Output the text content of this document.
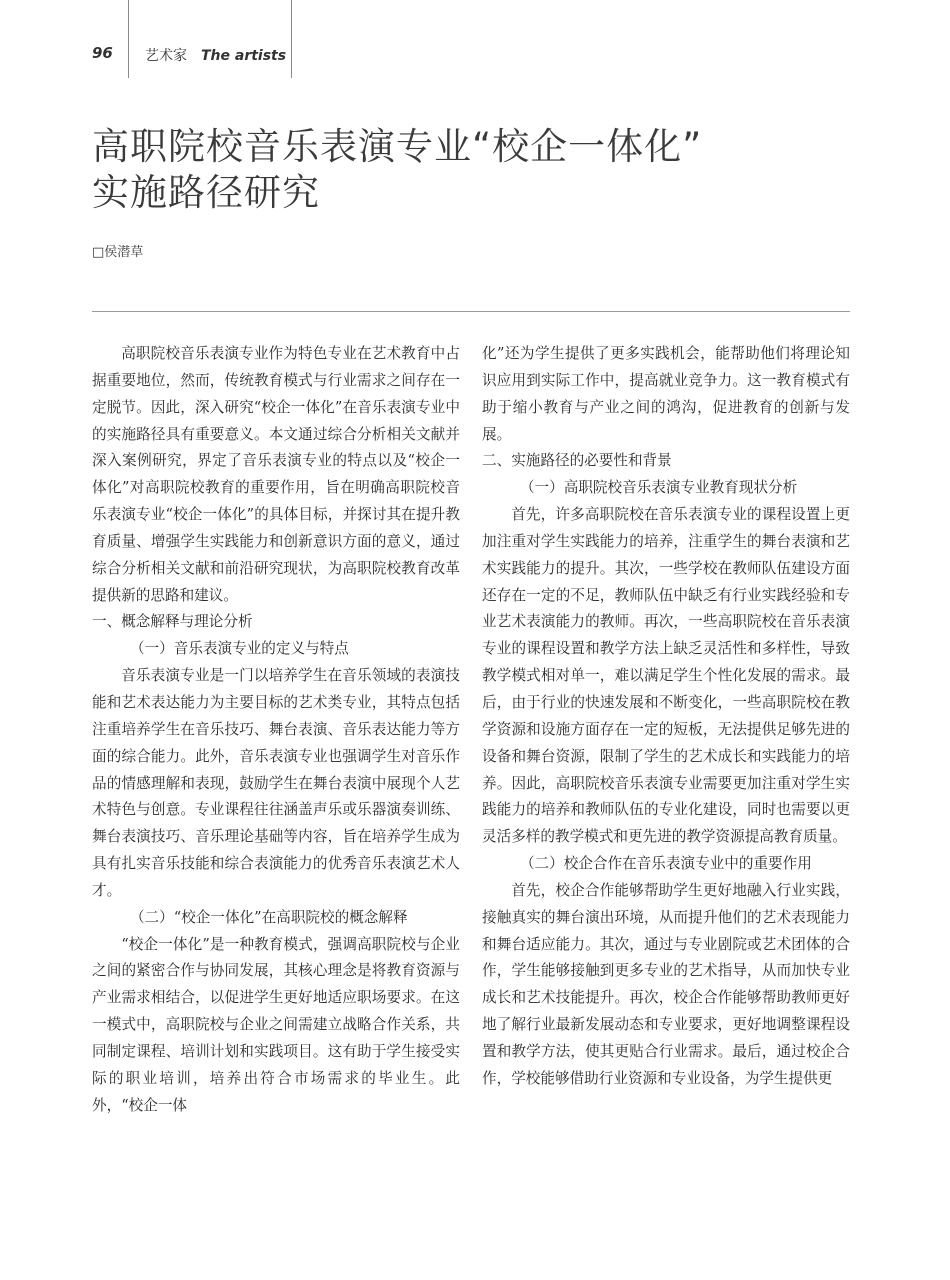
96 艺术家 The artists
高职院校音乐表演专业“校企一体化”
实施路径研究
□侯潜草

高职院校音乐表演专业作为特色专业在艺术教育中占据重要地位，然而，传统教育模式与行业需求之间存在一定脱节。因此，深入研究“校企一体化”在音乐表演专业中的实施路径具有重要意义。本文通过综合分析相关文献并深入案例研究，界定了音乐表演专业的特点以及“校企一体化”对高职院校教育的重要作用，旨在明确高职院校音乐表演专业“校企一体化”的具体目标，并探讨其在提升教育质量、增强学生实践能力和创新意识方面的意义，通过综合分析相关文献和前沿研究现状，为高职院校教育改革提供新的思路和建议。

一、概念解释与理论分析

（一）音乐表演专业的定义与特点

音乐表演专业是一门以培养学生在音乐领域的表演技能和艺术表达能力为主要目标的艺术类专业，其特点包括注重培养学生在音乐技巧、舞台表演、音乐表达能力等方面的综合能力。此外，音乐表演专业也强调学生对音乐作品的情感理解和表现，鼓励学生在舞台表演中展现个人艺术特色与创意。专业课程往往涵盖声乐或乐器演奏训练、舞台表演技巧、音乐理论基础等内容，旨在培养学生成为具有扎实音乐技能和综合表演能力的优秀音乐表演艺术人才。

（二）“校企一体化”在高职院校的概念解释

“校企一体化”是一种教育模式，强调高职院校与企业之间的紧密合作与协同发展，其核心理念是将教育资源与产业需求相结合，以促进学生更好地适应职场要求。在这一模式中，高职院校与企业之间需建立战略合作关系，共同制定课程、培训计划和实践项目。这有助于学生接受实际的职业培训，培养出符合市场需求的毕业生。此外，“校企一体

化”还为学生提供了更多实践机会，能帮助他们将理论知识应用到实际工作中，提高就业竞争力。这一教育模式有助于缩小教育与产业之间的鸿沟，促进教育的创新与发展。

二、实施路径的必要性和背景

（一）高职院校音乐表演专业教育现状分析

首先，许多高职院校在音乐表演专业的课程设置上更加注重对学生实践能力的培养，注重学生的舞台表演和艺术实践能力的提升。其次，一些学校在教师队伍建设方面还存在一定的不足，教师队伍中缺乏有行业实践经验和专业艺术表演能力的教师。再次，一些高职院校在音乐表演专业的课程设置和教学方法上缺乏灵活性和多样性，导致教学模式相对单一，难以满足学生个性化发展的需求。最后，由于行业的快速发展和不断变化，一些高职院校在教学资源和设施方面存在一定的短板，无法提供足够先进的设备和舞台资源，限制了学生的艺术成长和实践能力的培养。因此，高职院校音乐表演专业需要更加注重对学生实践能力的培养和教师队伍的专业化建设，同时也需要以更灵活多样的教学模式和更先进的教学资源提高教育质量。

（二）校企合作在音乐表演专业中的重要作用

首先，校企合作能够帮助学生更好地融入行业实践，接触真实的舞台演出环境，从而提升他们的艺术表现能力和舞台适应能力。其次，通过与专业剧院或艺术团体的合作，学生能够接触到更多专业的艺术指导，从而加快专业成长和艺术技能提升。再次，校企合作能够帮助教师更好地了解行业最新发展动态和专业要求，更好地调整课程设置和教学方法，使其更贴合行业需求。最后，通过校企合作，学校能够借助行业资源和专业设备，为学生提供更
